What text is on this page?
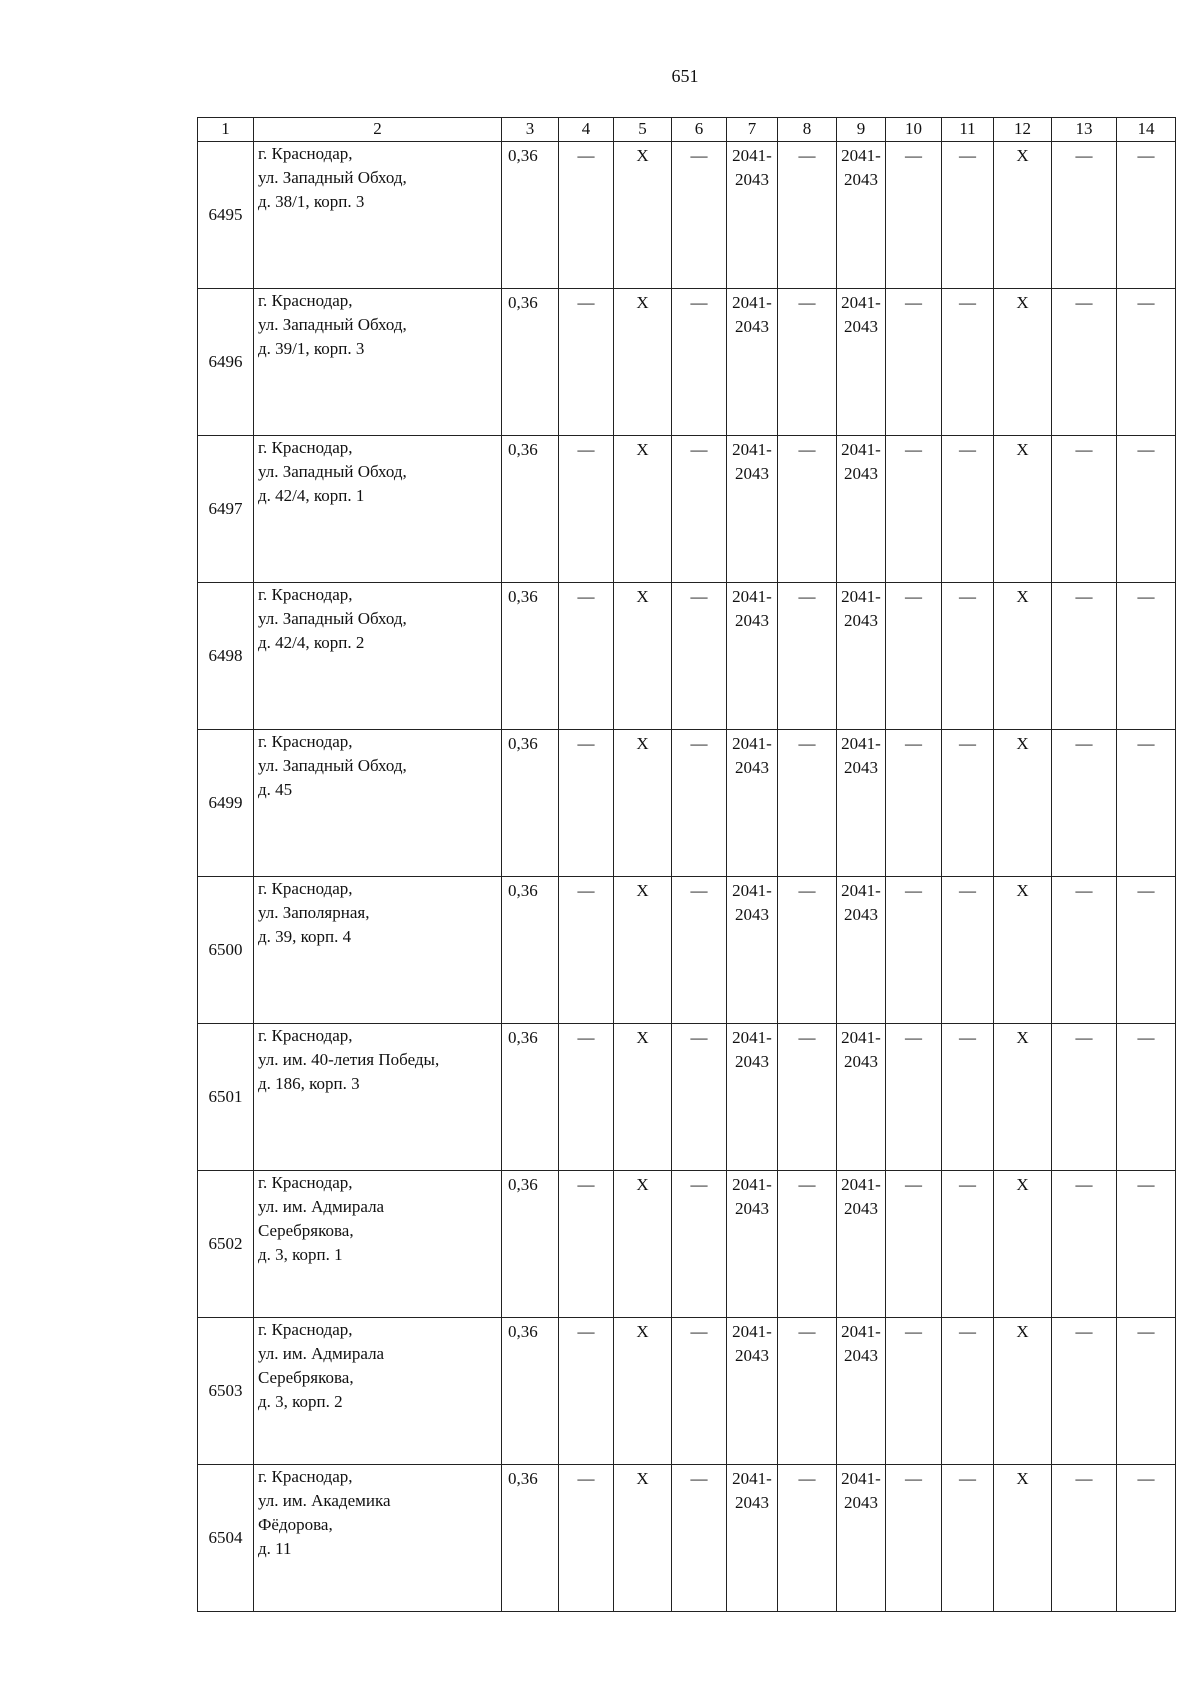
651
1	2	3	4	5	6	7	8	9	10	11	12	13	14
6495	г. Краснодар,
ул. Западный Обход,
д. 38/1, корп. 3	0,36	—	Х	—	2041-
2043	—	2041-
2043	—	—	Х	—	—
6496	г. Краснодар,
ул. Западный Обход,
д. 39/1, корп. 3	0,36	—	Х	—	2041-
2043	—	2041-
2043	—	—	Х	—	—
6497	г. Краснодар,
ул. Западный Обход,
д. 42/4, корп. 1	0,36	—	Х	—	2041-
2043	—	2041-
2043	—	—	Х	—	—
6498	г. Краснодар,
ул. Западный Обход,
д. 42/4, корп. 2	0,36	—	Х	—	2041-
2043	—	2041-
2043	—	—	Х	—	—
6499	г. Краснодар,
ул. Западный Обход,
д. 45	0,36	—	Х	—	2041-
2043	—	2041-
2043	—	—	Х	—	—
6500	г. Краснодар,
ул. Заполярная,
д. 39, корп. 4	0,36	—	Х	—	2041-
2043	—	2041-
2043	—	—	Х	—	—
6501	г. Краснодар,
ул. им. 40-летия Победы,
д. 186, корп. 3	0,36	—	Х	—	2041-
2043	—	2041-
2043	—	—	Х	—	—
6502	г. Краснодар,
ул. им. Адмирала
Серебрякова,
д. 3, корп. 1	0,36	—	Х	—	2041-
2043	—	2041-
2043	—	—	Х	—	—
6503	г. Краснодар,
ул. им. Адмирала
Серебрякова,
д. 3, корп. 2	0,36	—	Х	—	2041-
2043	—	2041-
2043	—	—	Х	—	—
6504	г. Краснодар,
ул. им. Академика
Фёдорова,
д. 11	0,36	—	Х	—	2041-
2043	—	2041-
2043	—	—	Х	—	—
